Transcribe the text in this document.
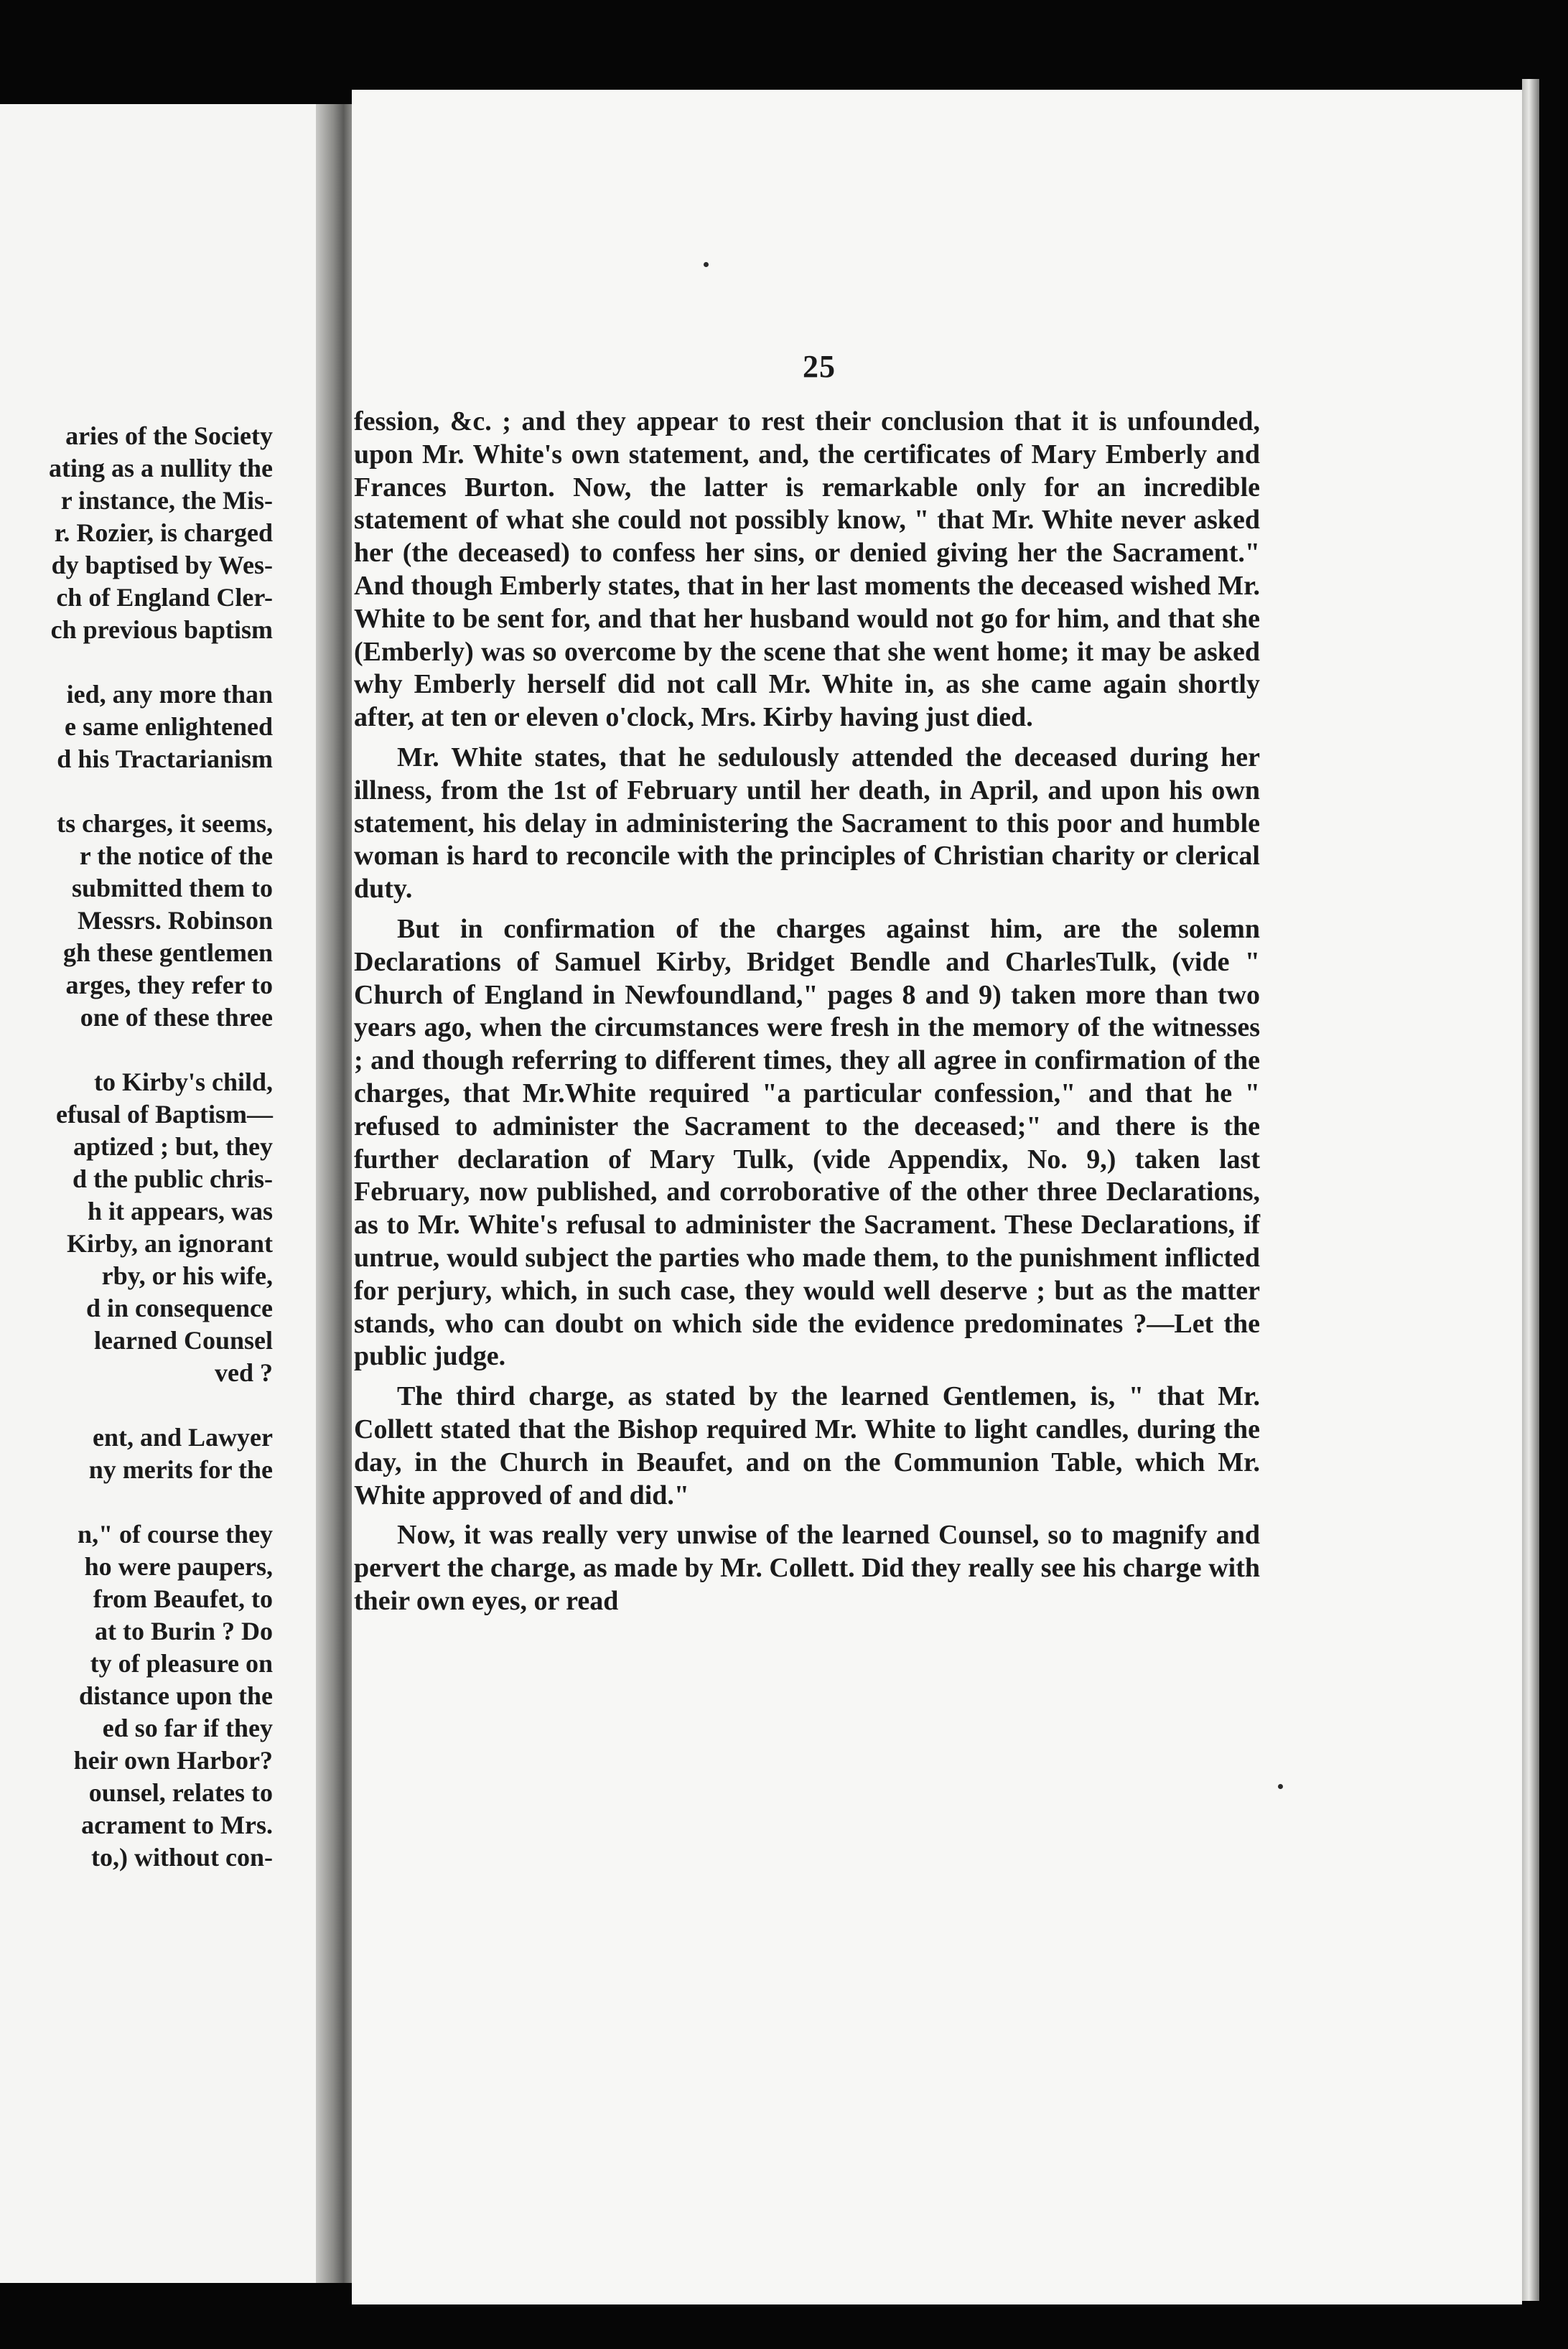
aries of the Society
ating as a nullity the
r instance, the Mis-
r. Rozier, is charged
dy baptised by Wes-
ch of England Cler-
ch previous baptism
ied, any more than
e same enlightened
d his Tractarianism
ts charges, it seems,
r the notice of the
submitted them to
Messrs. Robinson
gh these gentlemen
arges, they refer to
one of these three
to Kirby's child,
efusal of Baptism—
aptized ; but, they
d the public chris-
h it appears, was
Kirby, an ignorant
rby, or his wife,
d in consequence
learned Counsel
ved ?
ent, and Lawyer
ny merits for the
n," of course they
ho were paupers,
from Beaufet, to
at to Burin ? Do
ty of pleasure on
distance upon the
ed so far if they
heir own Harbor?
ounsel, relates to
acrament to Mrs.
to,) without con-
25

fession, &c. ; and they appear to rest their conclusion that it is unfounded, upon Mr. White's own statement, and, the certificates of Mary Emberly and Frances Burton. Now, the latter is remarkable only for an incredible statement of what she could not possibly know, " that Mr. White never asked her (the deceased) to confess her sins, or denied giving her the Sacrament." And though Emberly states, that in her last moments the deceased wished Mr. White to be sent for, and that her husband would not go for him, and that she (Emberly) was so overcome by the scene that she went home; it may be asked why Emberly herself did not call Mr. White in, as she came again shortly after, at ten or eleven o'clock, Mrs. Kirby having just died.

Mr. White states, that he sedulously attended the deceased during her illness, from the 1st of February until her death, in April, and upon his own statement, his delay in administering the Sacrament to this poor and humble woman is hard to reconcile with the principles of Christian charity or clerical duty.

But in confirmation of the charges against him, are the solemn Declarations of Samuel Kirby, Bridget Bendle and CharlesTulk, (vide " Church of England in Newfoundland," pages 8 and 9) taken more than two years ago, when the circumstances were fresh in the memory of the witnesses ; and though referring to different times, they all agree in confirmation of the charges, that Mr.White required "a particular confession," and that he " refused to administer the Sacrament to the deceased;" and there is the further declaration of Mary Tulk, (vide Appendix, No. 9,) taken last February, now published, and corroborative of the other three Declarations, as to Mr. White's refusal to administer the Sacrament. These Declarations, if untrue, would subject the parties who made them, to the punishment inflicted for perjury, which, in such case, they would well deserve ; but as the matter stands, who can doubt on which side the evidence predominates ?—Let the public judge.

The third charge, as stated by the learned Gentlemen, is, " that Mr. Collett stated that the Bishop required Mr. White to light candles, during the day, in the Church in Beaufet, and on the Communion Table, which Mr. White approved of and did."

Now, it was really very unwise of the learned Counsel, so to magnify and pervert the charge, as made by Mr. Collett. Did they really see his charge with their own eyes, or read
